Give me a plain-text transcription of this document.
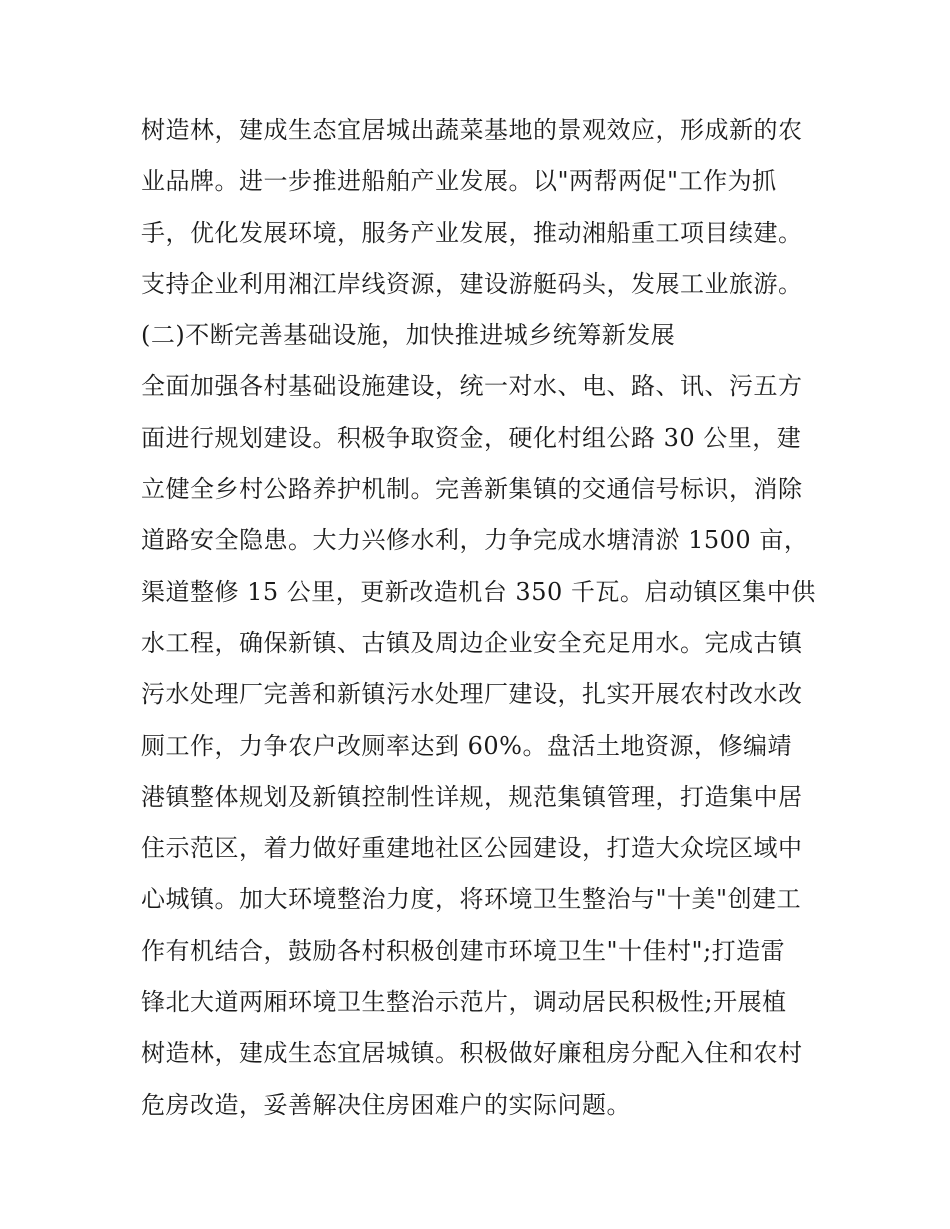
树造林，建成生态宜居城出蔬菜基地的景观效应，形成新的农
业品牌。进一步推进船舶产业发展。以"两帮两促"工作为抓
手，优化发展环境，服务产业发展，推动湘船重工项目续建。
支持企业利用湘江岸线资源，建设游艇码头，发展工业旅游。
(二)不断完善基础设施，加快推进城乡统筹新发展
全面加强各村基础设施建设，统一对水、电、路、讯、污五方
面进行规划建设。积极争取资金，硬化村组公路 30 公里，建
立健全乡村公路养护机制。完善新集镇的交通信号标识，消除
道路安全隐患。大力兴修水利，力争完成水塘清淤 1500 亩，
渠道整修 15 公里，更新改造机台 350 千瓦。启动镇区集中供
水工程，确保新镇、古镇及周边企业安全充足用水。完成古镇
污水处理厂完善和新镇污水处理厂建设，扎实开展农村改水改
厕工作，力争农户改厕率达到 60%。盘活土地资源，修编靖
港镇整体规划及新镇控制性详规，规范集镇管理，打造集中居
住示范区，着力做好重建地社区公园建设，打造大众垸区域中
心城镇。加大环境整治力度，将环境卫生整治与"十美"创建工
作有机结合，鼓励各村积极创建市环境卫生"十佳村";打造雷
锋北大道两厢环境卫生整治示范片，调动居民积极性;开展植
树造林，建成生态宜居城镇。积极做好廉租房分配入住和农村
危房改造，妥善解决住房困难户的实际问题。
